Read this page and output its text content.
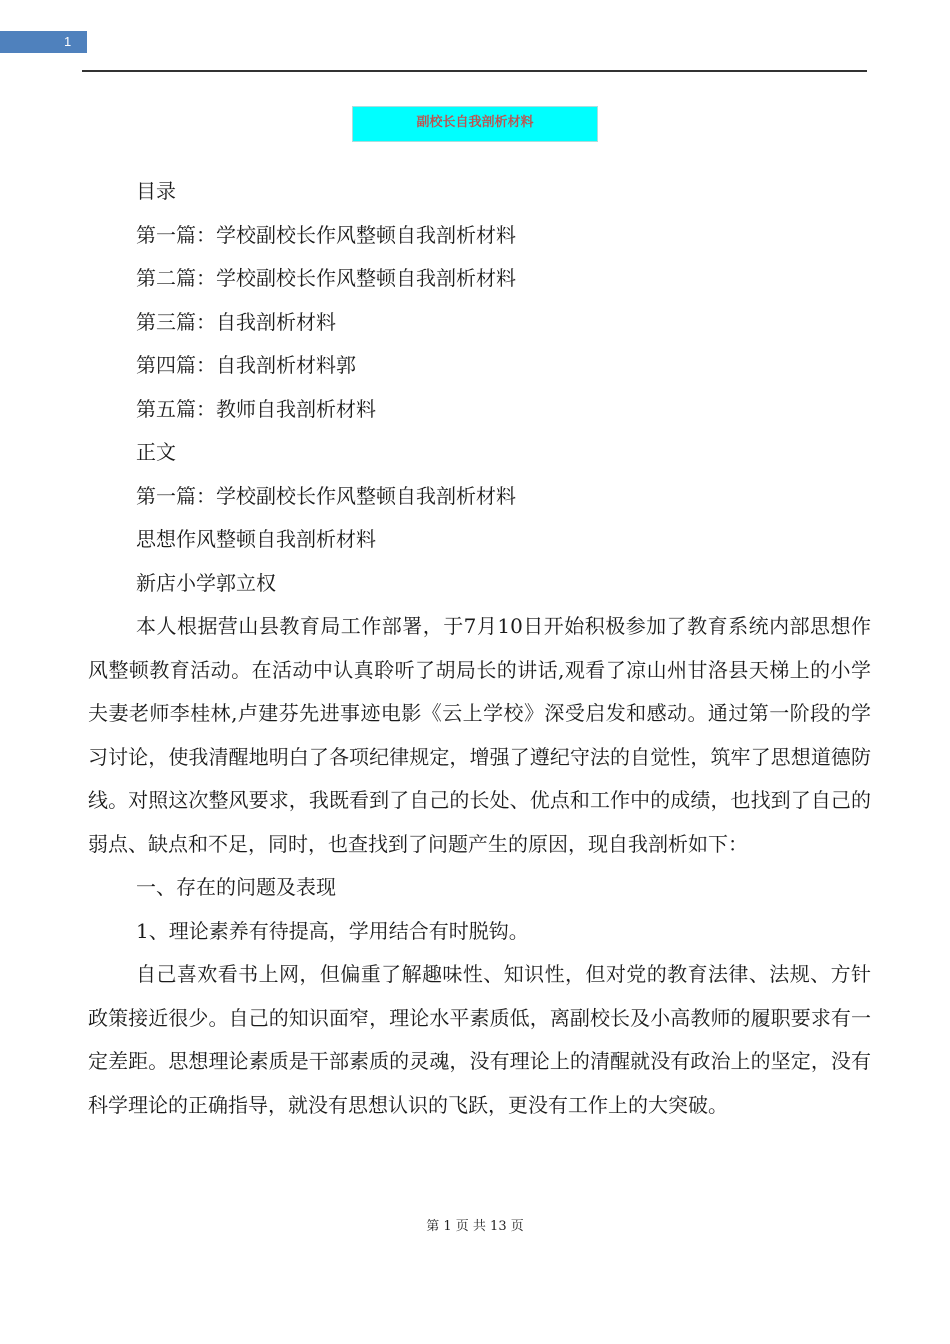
1
副校长自我剖析材料
目录
第一篇：学校副校长作风整顿自我剖析材料
第二篇：学校副校长作风整顿自我剖析材料
第三篇：自我剖析材料
第四篇：自我剖析材料郭
第五篇：教师自我剖析材料
正文
第一篇：学校副校长作风整顿自我剖析材料
思想作风整顿自我剖析材料
新店小学郭立权

本人根据营山县教育局工作部署，于7月10日开始积极参加了教育系统内部思想作风整顿教育活动。在活动中认真聆听了胡局长的讲话,观看了凉山州甘洛县天梯上的小学夫妻老师李桂林,卢建芬先进事迹电影《云上学校》深受启发和感动。通过第一阶段的学习讨论，使我清醒地明白了各项纪律规定，增强了遵纪守法的自觉性，筑牢了思想道德防线。对照这次整风要求，我既看到了自己的长处、优点和工作中的成绩，也找到了自己的弱点、缺点和不足，同时，也查找到了问题产生的原因，现自我剖析如下：

一、存在的问题及表现

1、理论素养有待提高，学用结合有时脱钩。

自己喜欢看书上网，但偏重了解趣味性、知识性，但对党的教育法律、法规、方针政策接近很少。自己的知识面窄，理论水平素质低，离副校长及小高教师的履职要求有一定差距。思想理论素质是干部素质的灵魂，没有理论上的清醒就没有政治上的坚定，没有科学理论的正确指导，就没有思想认识的飞跃，更没有工作上的大突破。

第 1 页 共 13 页
